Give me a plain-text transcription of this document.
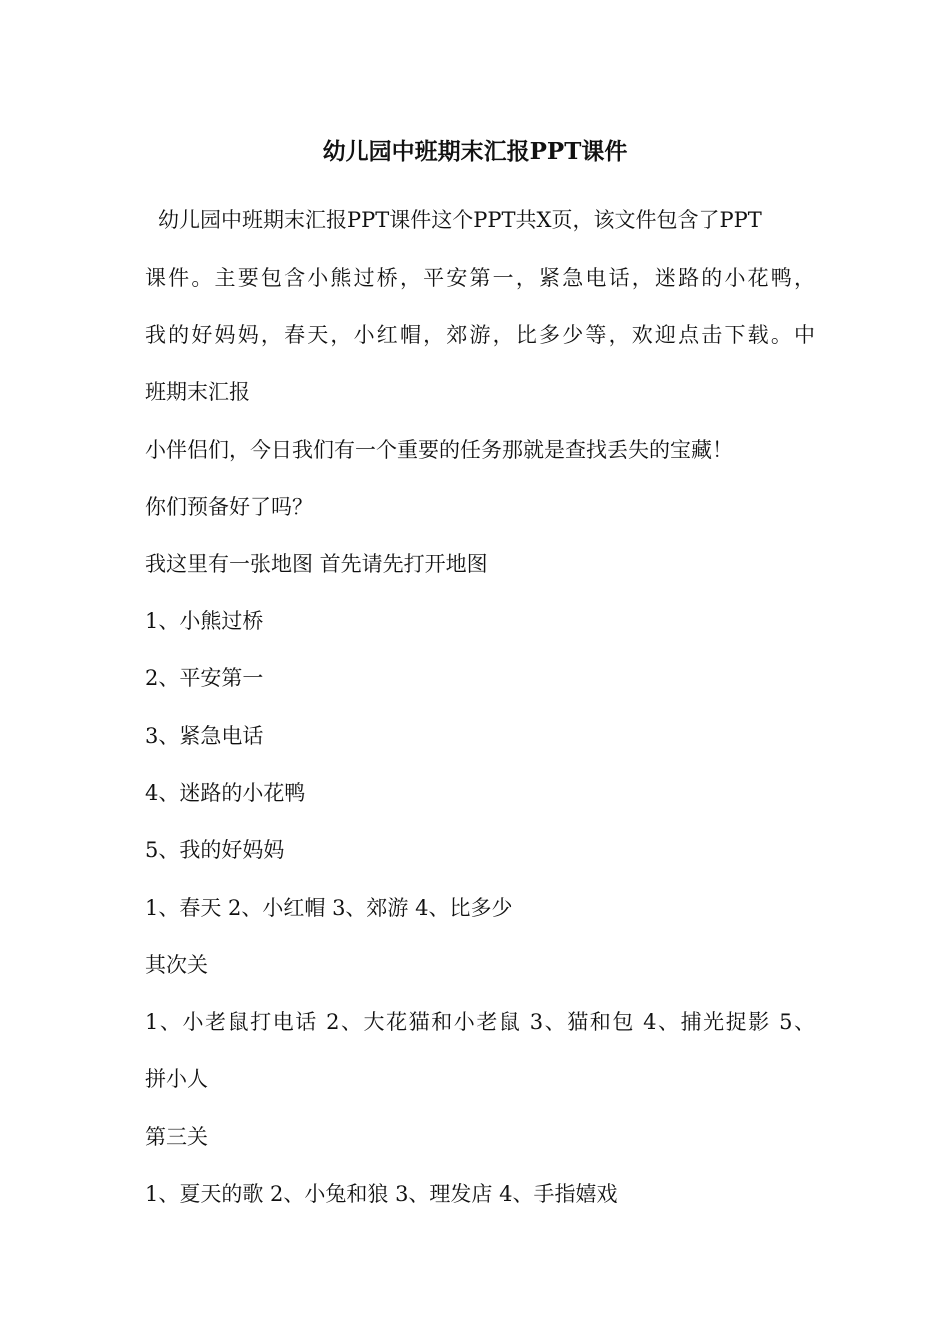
幼儿园中班期末汇报PPT课件
幼儿园中班期末汇报PPT课件这个PPT共X页，该文件包含了PPT
课件。主要包含小熊过桥，平安第一，紧急电话，迷路的小花鸭，
我的好妈妈，春天，小红帽，郊游，比多少等，欢迎点击下载。中
班期末汇报
小伴侣们，今日我们有一个重要的任务那就是查找丢失的宝藏！
你们预备好了吗？
我这里有一张地图 首先请先打开地图
1、小熊过桥
2、平安第一
3、紧急电话
4、迷路的小花鸭
5、我的好妈妈
1、春天 2、小红帽 3、郊游 4、比多少
其次关
1、小老鼠打电话 2、大花猫和小老鼠 3、猫和包 4、捕光捉影 5、
拼小人
第三关
1、夏天的歌 2、小兔和狼 3、理发店 4、手指嬉戏
